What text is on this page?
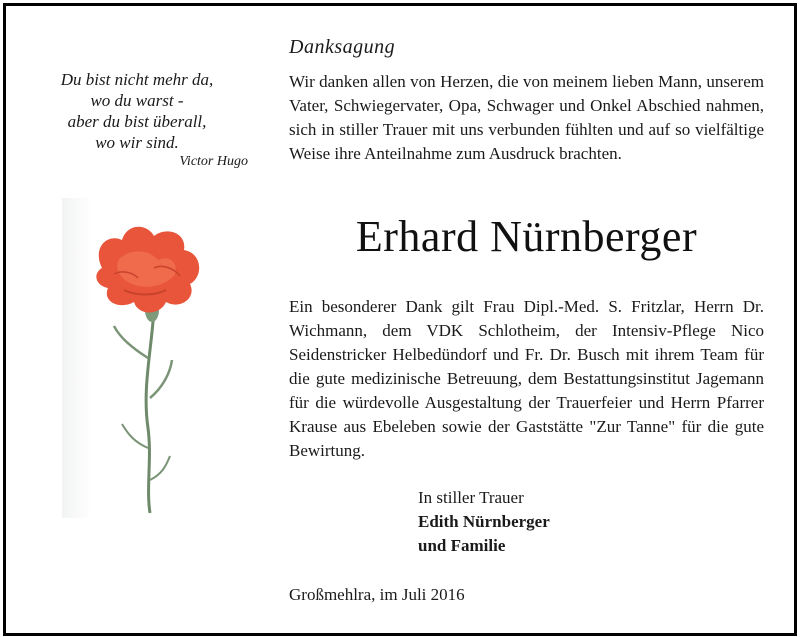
Du bist nicht mehr da,
wo du warst -
aber du bist überall,
wo wir sind.
Victor Hugo
Danksagung
Wir danken allen von Herzen, die von meinem lieben Mann, unserem Vater, Schwiegervater, Opa, Schwager und Onkel Abschied nahmen, sich in stiller Trauer mit uns verbunden fühlten und auf so vielfältige Weise ihre Anteilnahme zum Ausdruck brachten.
Erhard Nürnberger
Ein besonderer Dank gilt Frau Dipl.-Med. S. Fritzlar, Herrn Dr. Wichmann, dem VDK Schlotheim, der Intensiv-Pflege Nico Seidenstricker Helbedündorf und Fr. Dr. Busch mit ihrem Team für die gute medizinische Betreuung, dem Bestattungsinstitut Jagemann für die würdevolle Ausgestaltung der Trauerfeier und Herrn Pfarrer Krause aus Ebeleben sowie der Gaststätte "Zur Tanne" für die gute Bewirtung.
In stiller Trauer
Edith Nürnberger
und Familie
Großmehlra, im Juli 2016
